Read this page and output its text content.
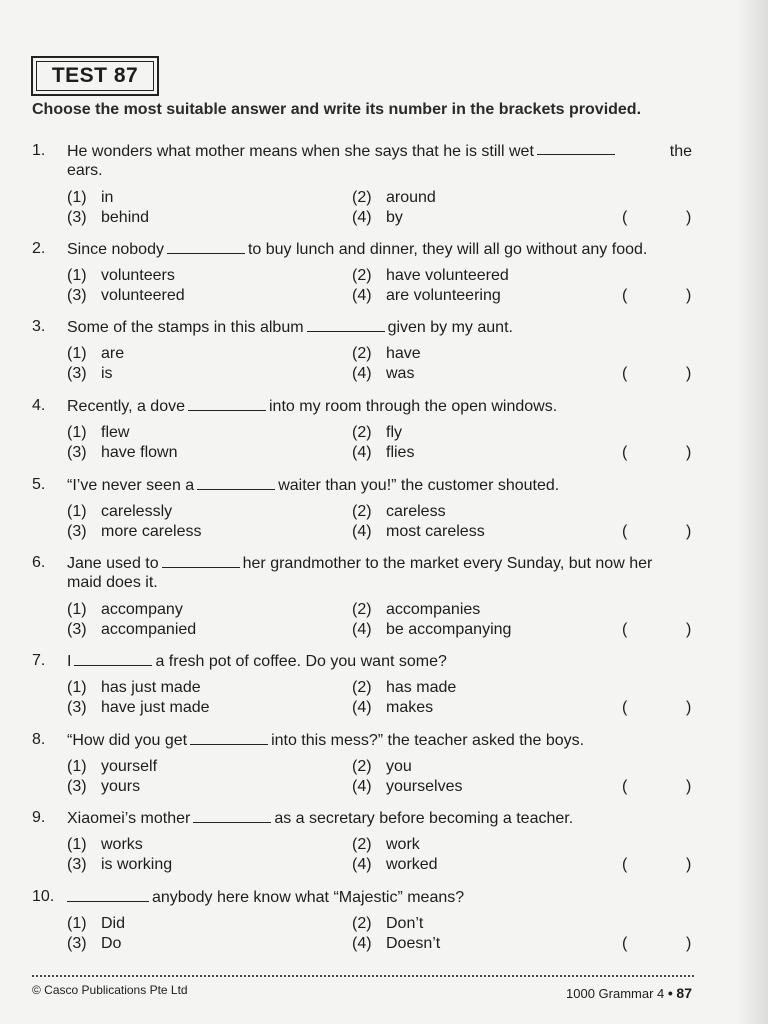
TEST 87
Choose the most suitable answer and write its number in the brackets provided.
1. He wonders what mother means when she says that he is still wet	the
ears.
(1) in	(2) around
(3) behind	(4) by	(	)
2. Since nobody	to buy lunch and dinner, they will all go without any food.
(1) volunteers	(2) have volunteered
(3) volunteered	(4) are volunteering	(	)
3. Some of the stamps in this album	given by my aunt.
(1) are	(2) have
(3) is	(4) was	(	)
4. Recently, a dove	into my room through the open windows.
(1) flew	(2) fly
(3) have flown	(4) flies	(	)
5. “I’ve never seen a	waiter than you!” the customer shouted.
(1) carelessly	(2) careless
(3) more careless	(4) most careless	(	)
6. Jane used to	her grandmother to the market every Sunday, but now her
maid does it.
(1) accompany	(2) accompanies
(3) accompanied	(4) be accompanying	(	)
7. I	a fresh pot of coffee. Do you want some?
(1) has just made	(2) has made
(3) have just made	(4) makes	(	)
8. “How did you get	into this mess?” the teacher asked the boys.
(1) yourself	(2) you
(3) yours	(4) yourselves	(	)
9. Xiaomei’s mother	as a secretary before becoming a teacher.
(1) works	(2) work
(3) is working	(4) worked	(	)
10.	anybody here know what “Majestic” means?
(1) Did	(2) Don’t
(3) Do	(4) Doesn’t	(	)
© Casco Publications Pte Ltd	1000 Grammar 4 • 87
